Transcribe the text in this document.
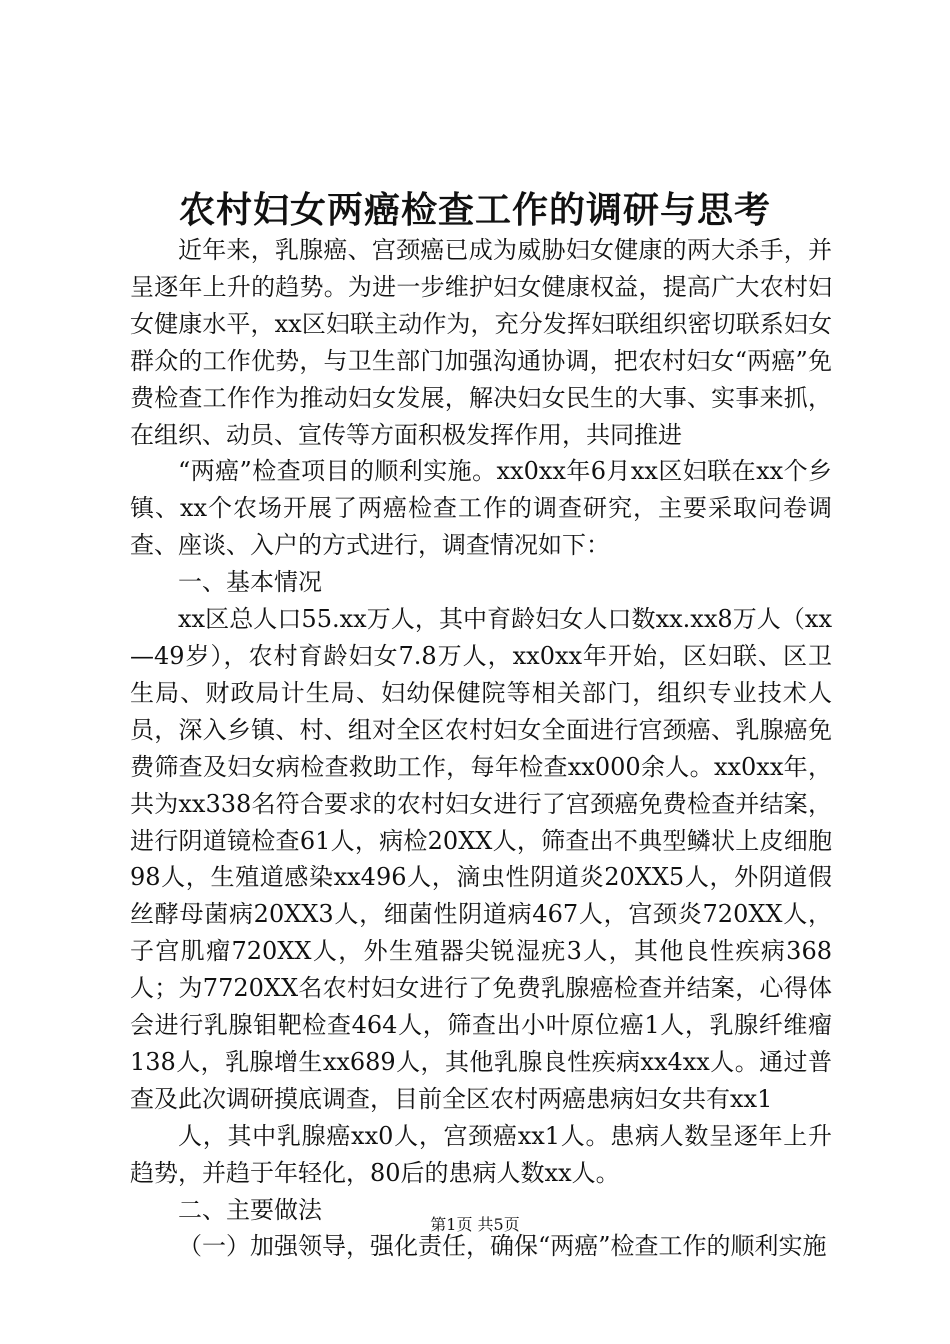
农村妇女两癌检查工作的调研与思考

近年来，乳腺癌、宫颈癌已成为威胁妇女健康的两大杀手，并呈逐年上升的趋势。为进一步维护妇女健康权益，提高广大农村妇女健康水平，xx区妇联主动作为，充分发挥妇联组织密切联系妇女群众的工作优势，与卫生部门加强沟通协调，把农村妇女“两癌”免费检查工作作为推动妇女发展，解决妇女民生的大事、实事来抓，在组织、动员、宣传等方面积极发挥作用，共同推进

“两癌”检查项目的顺利实施。xx0xx年6月xx区妇联在xx个乡镇、xx个农场开展了两癌检查工作的调查研究，主要采取问卷调查、座谈、入户的方式进行，调查情况如下：

一、基本情况

xx区总人口55.xx万人，其中育龄妇女人口数xx.xx8万人（xx—49岁），农村育龄妇女7.8万人，xx0xx年开始，区妇联、区卫生局、财政局计生局、妇幼保健院等相关部门，组织专业技术人员，深入乡镇、村、组对全区农村妇女全面进行宫颈癌、乳腺癌免费筛查及妇女病检查救助工作，每年检查xx000余人。xx0xx年，共为xx338名符合要求的农村妇女进行了宫颈癌免费检查并结案，进行阴道镜检查61人，病检20XX人，筛查出不典型鳞状上皮细胞98人，生殖道感染xx496人，滴虫性阴道炎20XX5人，外阴道假丝酵母菌病20XX3人，细菌性阴道病467人，宫颈炎720XX人，子宫肌瘤720XX人，外生殖器尖锐湿疣3人，其他良性疾病368人；为7720XX名农村妇女进行了免费乳腺癌检查并结案，心得体会进行乳腺钼靶检查464人，筛查出小叶原位癌1人，乳腺纤维瘤138人，乳腺增生xx689人，其他乳腺良性疾病xx4xx人。通过普查及此次调研摸底调查，目前全区农村两癌患病妇女共有xx1

人，其中乳腺癌xx0人，宫颈癌xx1人。患病人数呈逐年上升趋势，并趋于年轻化，80后的患病人数xx人。

二、主要做法

（一）加强领导，强化责任，确保“两癌”检查工作的顺利实施

第1页 共5页
